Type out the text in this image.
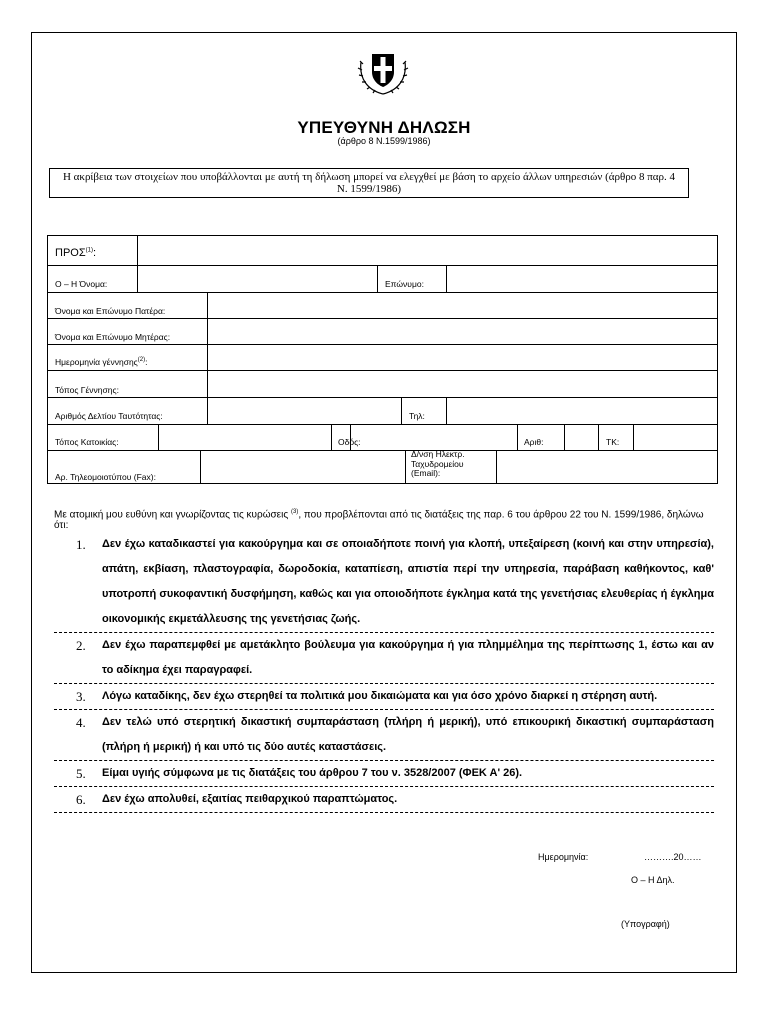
ΥΠΕΥΘΥΝΗ ΔΗΛΩΣΗ
(άρθρο 8 Ν.1599/1986)
Η ακρίβεια των στοιχείων που υποβάλλονται με αυτή τη δήλωση μπορεί να ελεγχθεί με βάση το αρχείο άλλων υπηρεσιών (άρθρο 8 παρ. 4 Ν. 1599/1986)
ΠΡΟΣ$^{(1)}$:
Ο – Η Όνομα:	Επώνυμο:
Όνομα και Επώνυμο Πατέρα:
Όνομα και Επώνυμο Μητέρας:
Ημερομηνία γέννησης$^{(2)}$:
Τόπος Γέννησης:
Αριθμός Δελτίου Ταυτότητας:	Τηλ:
Τόπος Κατοικίας:	Οδός:	Αριθ:	ΤΚ:
Αρ. Τηλεομοιοτύπου (Fax):
Δ/νση Ηλεκτρ.
Ταχυδρομείου
(Email):
Με ατομική μου ευθύνη και γνωρίζοντας τις κυρώσεις $^{(3)}$, που προβλέπονται από τις διατάξεις της παρ. 6 του άρθρου 22 του Ν. 1599/1986, δηλώνω ότι:
1. Δεν έχω καταδικαστεί για κακούργημα και σε οποιαδήποτε ποινή για κλοπή, υπεξαίρεση (κοινή και στην υπηρεσία), απάτη, εκβίαση, πλαστογραφία, δωροδοκία, καταπίεση, απιστία περί την υπηρεσία, παράβαση καθήκοντος, καθ' υποτροπή συκοφαντική δυσφήμηση, καθώς και για οποιοδήποτε έγκλημα κατά της γενετήσιας ελευθερίας ή έγκλημα οικονομικής εκμετάλλευσης της γενετήσιας ζωής.
2. Δεν έχω παραπεμφθεί με αμετάκλητο βούλευμα για κακούργημα ή για πλημμέλημα της περίπτωσης 1, έστω και αν το αδίκημα έχει παραγραφεί.
3. Λόγω καταδίκης, δεν έχω στερηθεί τα πολιτικά μου δικαιώματα και για όσο χρόνο διαρκεί η στέρηση αυτή.
4. Δεν τελώ υπό στερητική δικαστική συμπαράσταση (πλήρη ή μερική), υπό επικουρική δικαστική συμπαράσταση (πλήρη ή μερική) ή και υπό τις δύο αυτές καταστάσεις.
5. Είμαι υγιής σύμφωνα με τις διατάξεις του άρθρου 7 του ν. 3528/2007 (ΦΕΚ Α' 26).
6. Δεν έχω απολυθεί, εξαιτίας πειθαρχικού παραπτώματος.
Ημερομηνία:	……….20……
Ο – Η Δηλ.
(Υπογραφή)
